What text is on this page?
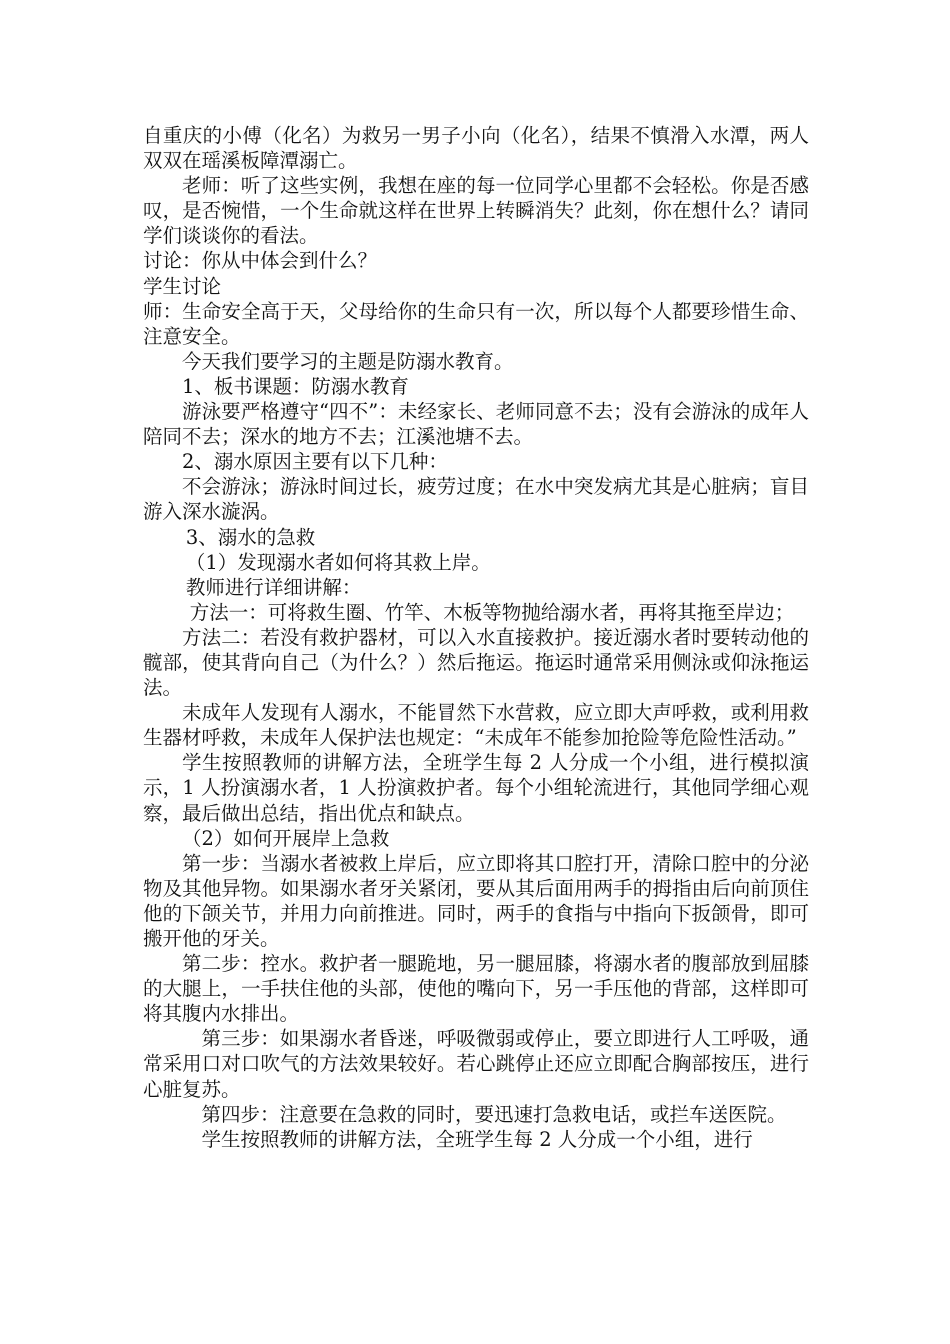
自重庆的小傅（化名）为救另一男子小向（化名），结果不慎滑入水潭，两人双双在瑶溪板障潭溺亡。

老师：听了这些实例，我想在座的每一位同学心里都不会轻松。你是否感叹，是否惋惜，一个生命就这样在世界上转瞬消失？此刻，你在想什么？请同学们谈谈你的看法。

讨论：你从中体会到什么？

学生讨论

师：生命安全高于天，父母给你的生命只有一次，所以每个人都要珍惜生命、注意安全。

今天我们要学习的主题是防溺水教育。

1、板书课题：防溺水教育

游泳要严格遵守“四不”：未经家长、老师同意不去；没有会游泳的成年人陪同不去；深水的地方不去；江溪池塘不去。

2、溺水原因主要有以下几种：

不会游泳；游泳时间过长，疲劳过度；在水中突发病尤其是心脏病；盲目游入深水漩涡。

3、溺水的急救

（1）发现溺水者如何将其救上岸。

教师进行详细讲解：

方法一：可将救生圈、竹竿、木板等物抛给溺水者，再将其拖至岸边；

方法二：若没有救护器材，可以入水直接救护。接近溺水者时要转动他的髋部，使其背向自己（为什么？）然后拖运。拖运时通常采用侧泳或仰泳拖运法。

未成年人发现有人溺水，不能冒然下水营救，应立即大声呼救，或利用救生器材呼救，未成年人保护法也规定：“未成年不能参加抢险等危险性活动。”

学生按照教师的讲解方法，全班学生每 2 人分成一个小组，进行模拟演示，1 人扮演溺水者，1 人扮演救护者。每个小组轮流进行，其他同学细心观察，最后做出总结，指出优点和缺点。

（2）如何开展岸上急救

第一步：当溺水者被救上岸后，应立即将其口腔打开，清除口腔中的分泌物及其他异物。如果溺水者牙关紧闭，要从其后面用两手的拇指由后向前顶住他的下颌关节，并用力向前推进。同时，两手的食指与中指向下扳颌骨，即可搬开他的牙关。

第二步：控水。救护者一腿跪地，另一腿屈膝，将溺水者的腹部放到屈膝的大腿上，一手扶住他的头部，使他的嘴向下，另一手压他的背部，这样即可将其腹内水排出。

第三步：如果溺水者昏迷，呼吸微弱或停止，要立即进行人工呼吸，通常采用口对口吹气的方法效果较好。若心跳停止还应立即配合胸部按压，进行心脏复苏。

第四步：注意要在急救的同时，要迅速打急救电话，或拦车送医院。

学生按照教师的讲解方法，全班学生每 2 人分成一个小组，进行
